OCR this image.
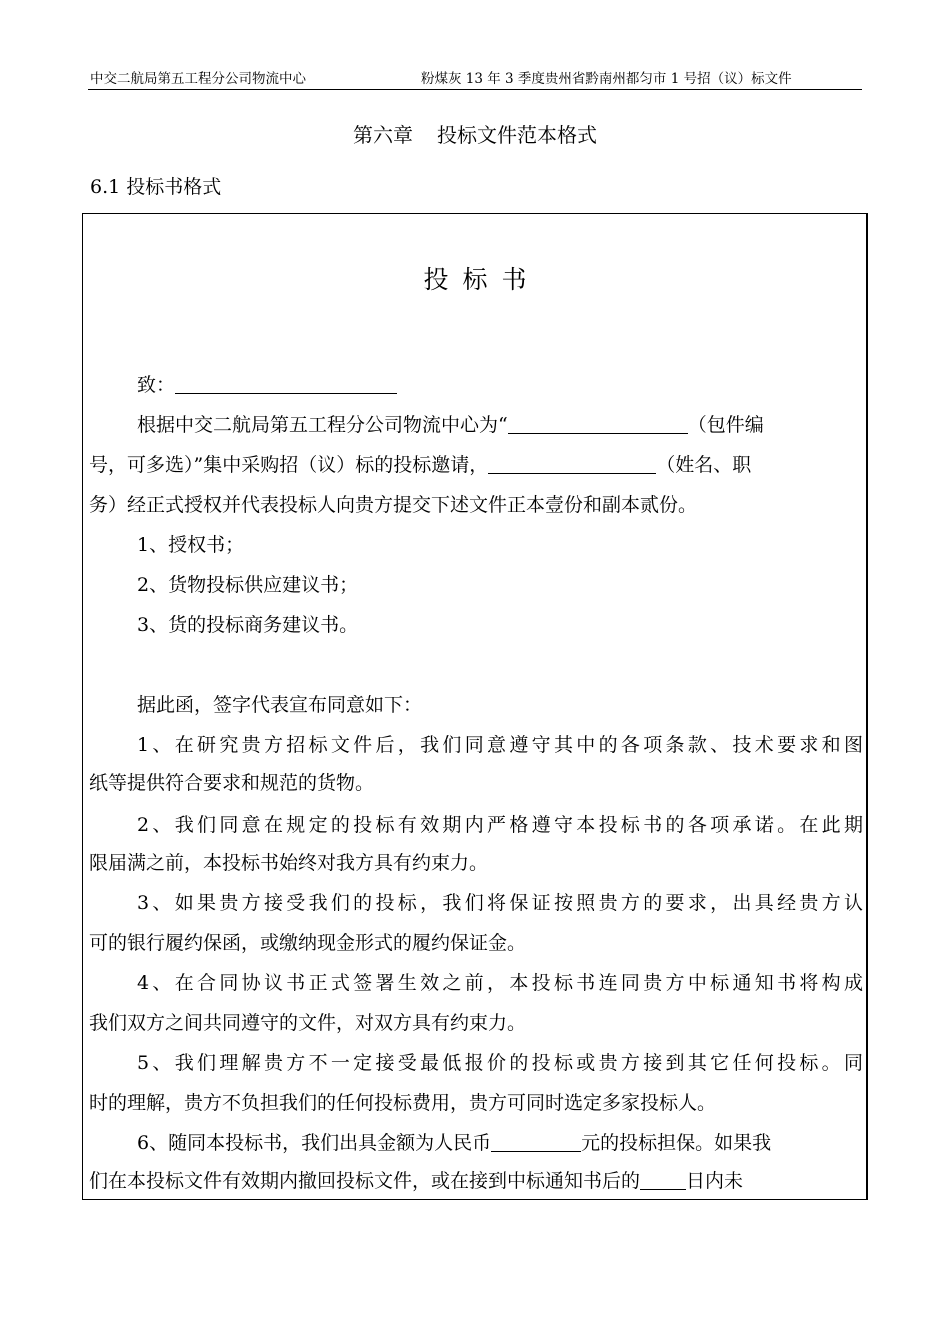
中交二航局第五工程分公司物流中心	粉煤灰 13 年 3 季度贵州省黔南州都匀市 1 号招（议）标文件
第六章 投标文件范本格式
6.1 投标书格式
投标书
致：
根据中交二航局第五工程分公司物流中心为“	（包件编
号，可多选）”集中采购招（议）标的投标邀请，	（姓名、职
务）经正式授权并代表投标人向贵方提交下述文件正本壹份和副本贰份。
1、授权书；
2、货物投标供应建议书；
3、货的投标商务建议书。
据此函，签字代表宣布同意如下：
1、在研究贵方招标文件后，我们同意遵守其中的各项条款、技术要求和图
纸等提供符合要求和规范的货物。
2、我们同意在规定的投标有效期内严格遵守本投标书的各项承诺。在此期
限届满之前，本投标书始终对我方具有约束力。
3、如果贵方接受我们的投标，我们将保证按照贵方的要求，出具经贵方认
可的银行履约保函，或缴纳现金形式的履约保证金。
4、在合同协议书正式签署生效之前，本投标书连同贵方中标通知书将构成
我们双方之间共同遵守的文件，对双方具有约束力。
5、我们理解贵方不一定接受最低报价的投标或贵方接到其它任何投标。同
时的理解，贵方不负担我们的任何投标费用，贵方可同时选定多家投标人。
6、随同本投标书，我们出具金额为人民币	元的投标担保。如果我
们在本投标文件有效期内撤回投标文件，或在接到中标通知书后的 日内未
